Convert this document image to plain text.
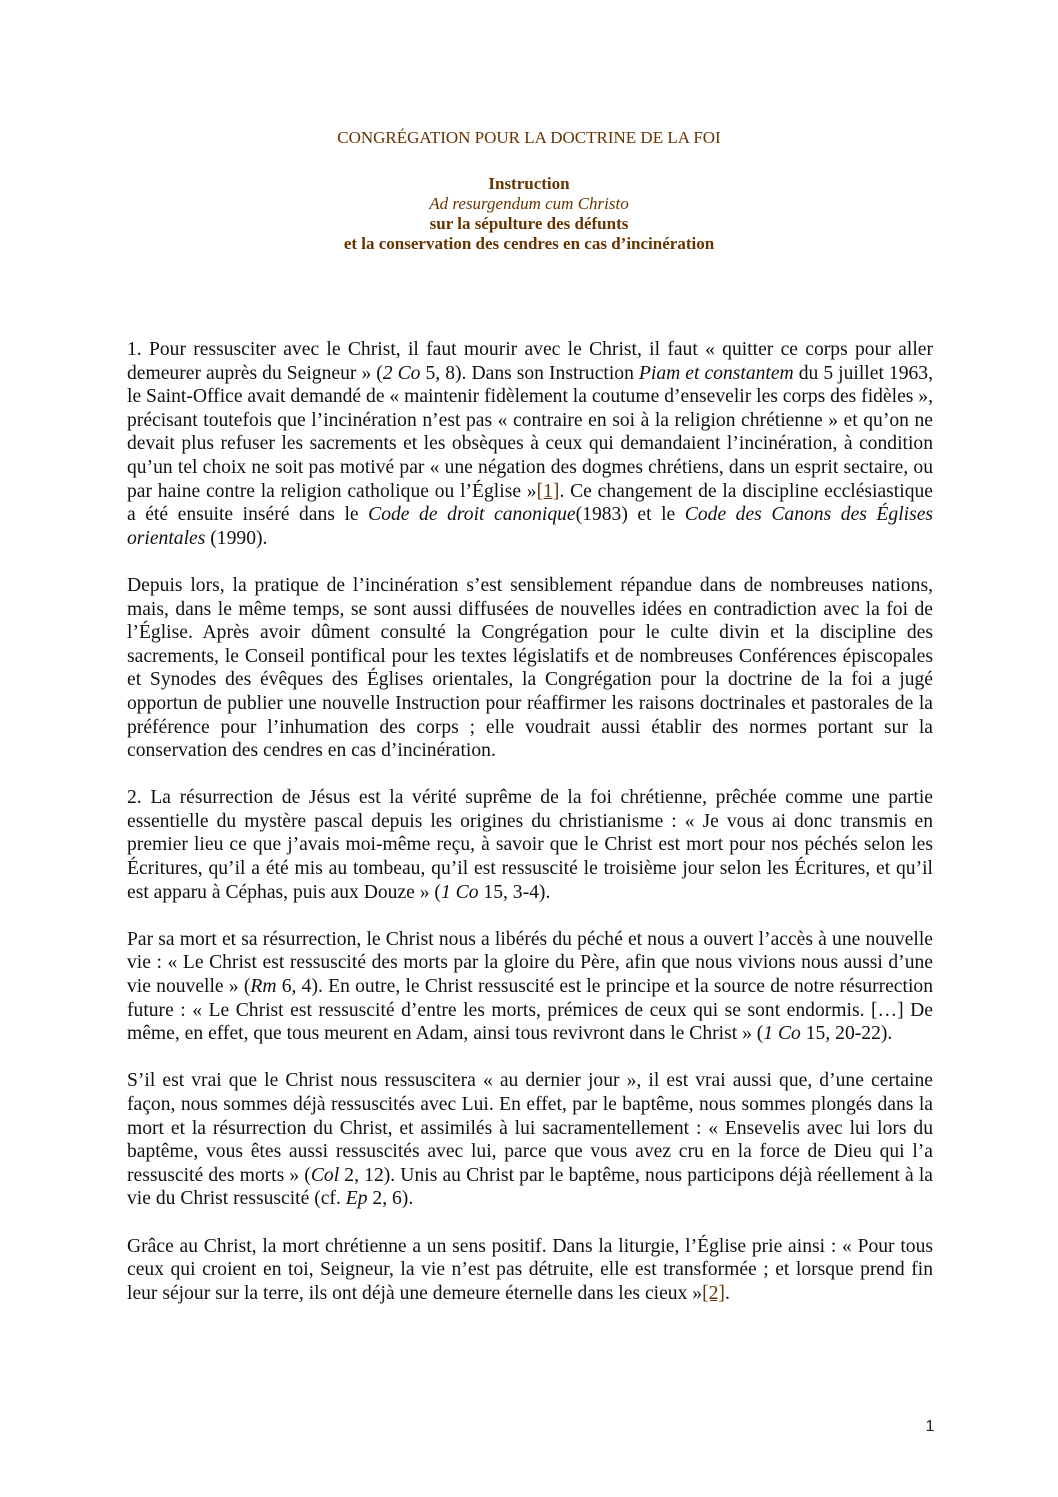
CONGRÉGATION POUR LA DOCTRINE DE LA FOI
Instruction
Ad resurgendum cum Christo
sur la sépulture des défunts
et la conservation des cendres en cas d’incinération

1. Pour ressusciter avec le Christ, il faut mourir avec le Christ, il faut « quitter ce corps pour aller demeurer auprès du Seigneur » (2 Co 5, 8). Dans son Instruction Piam et constantem du 5 juillet 1963, le Saint-Office avait demandé de « maintenir fidèlement la coutume d’ensevelir les corps des fidèles », précisant toutefois que l’incinération n’est pas « contraire en soi à la religion chrétienne » et qu’on ne devait plus refuser les sacrements et les obsèques à ceux qui demandaient l’incinération, à condition qu’un tel choix ne soit pas motivé par « une négation des dogmes chrétiens, dans un esprit sectaire, ou par haine contre la religion catholique ou l’Église »[1]. Ce changement de la discipline ecclésiastique a été ensuite inséré dans le Code de droit canonique(1983) et le Code des Canons des Églises orientales (1990).

Depuis lors, la pratique de l’incinération s’est sensiblement répandue dans de nombreuses nations, mais, dans le même temps, se sont aussi diffusées de nouvelles idées en contradiction avec la foi de l’Église. Après avoir dûment consulté la Congrégation pour le culte divin et la discipline des sacrements, le Conseil pontifical pour les textes législatifs et de nombreuses Conférences épiscopales et Synodes des évêques des Églises orientales, la Congrégation pour la doctrine de la foi a jugé opportun de publier une nouvelle Instruction pour réaffirmer les raisons doctrinales et pastorales de la préférence pour l’inhumation des corps ; elle voudrait aussi établir des normes portant sur la conservation des cendres en cas d’incinération.

2. La résurrection de Jésus est la vérité suprême de la foi chrétienne, prêchée comme une partie essentielle du mystère pascal depuis les origines du christianisme : « Je vous ai donc transmis en premier lieu ce que j’avais moi-même reçu, à savoir que le Christ est mort pour nos péchés selon les Écritures, qu’il a été mis au tombeau, qu’il est ressuscité le troisième jour selon les Écritures, et qu’il est apparu à Céphas, puis aux Douze » (1 Co 15, 3-4).

Par sa mort et sa résurrection, le Christ nous a libérés du péché et nous a ouvert l’accès à une nouvelle vie : « Le Christ est ressuscité des morts par la gloire du Père, afin que nous vivions nous aussi d’une vie nouvelle » (Rm 6, 4). En outre, le Christ ressuscité est le principe et la source de notre résurrection future : « Le Christ est ressuscité d’entre les morts, prémices de ceux qui se sont endormis. […] De même, en effet, que tous meurent en Adam, ainsi tous revivront dans le Christ » (1 Co 15, 20-22).

S’il est vrai que le Christ nous ressuscitera « au dernier jour », il est vrai aussi que, d’une certaine façon, nous sommes déjà ressuscités avec Lui. En effet, par le baptême, nous sommes plongés dans la mort et la résurrection du Christ, et assimilés à lui sacramentellement : « Ensevelis avec lui lors du baptême, vous êtes aussi ressuscités avec lui, parce que vous avez cru en la force de Dieu qui l’a ressuscité des morts » (Col 2, 12). Unis au Christ par le baptême, nous participons déjà réellement à la vie du Christ ressuscité (cf. Ep 2, 6).

Grâce au Christ, la mort chrétienne a un sens positif. Dans la liturgie, l’Église prie ainsi : « Pour tous ceux qui croient en toi, Seigneur, la vie n’est pas détruite, elle est transformée ; et lorsque prend fin leur séjour sur la terre, ils ont déjà une demeure éternelle dans les cieux »[2].

1
